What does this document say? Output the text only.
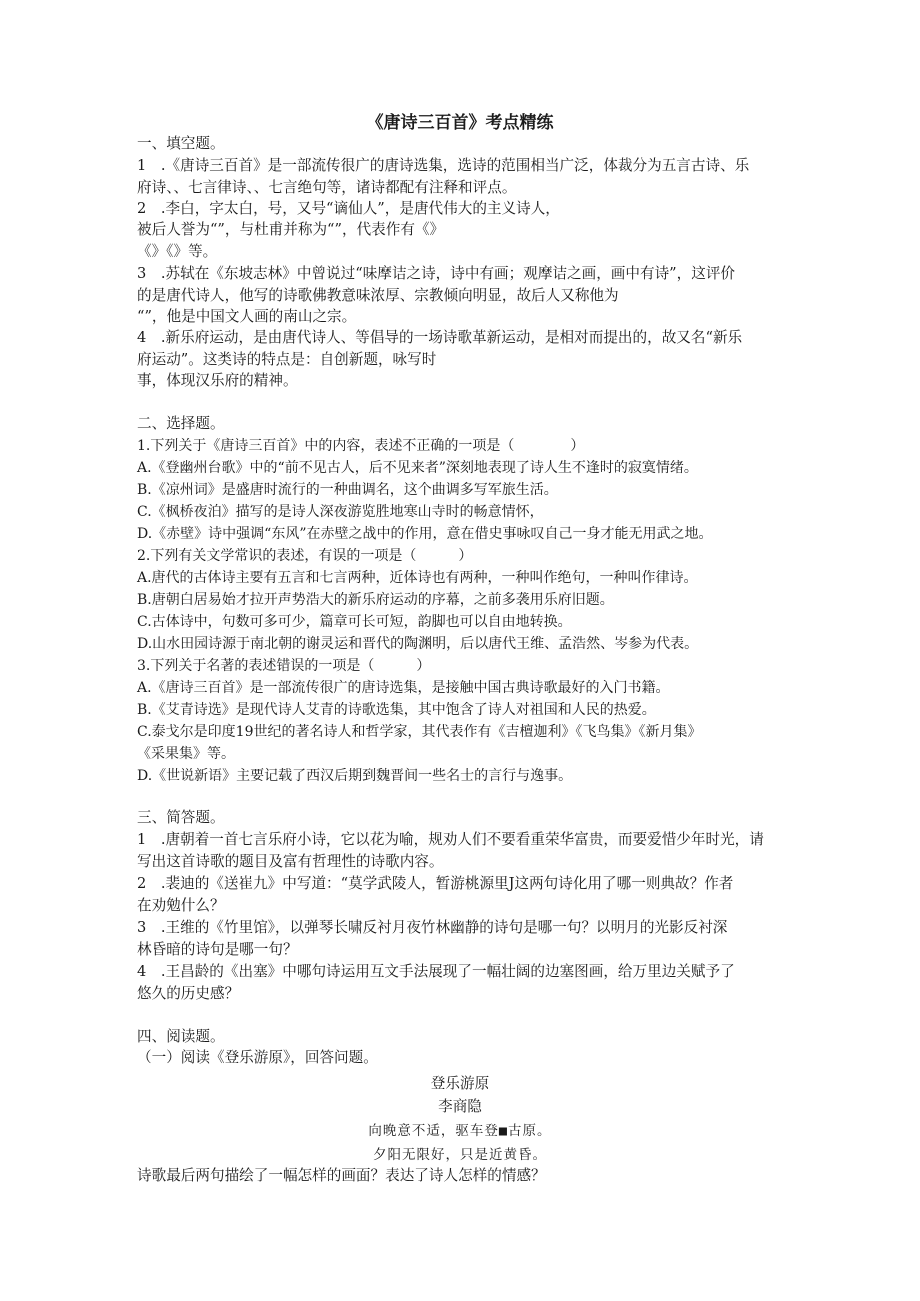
《唐诗三百首》考点精练
一、填空题。
1　.《唐诗三百首》是一部流传很广的唐诗选集，选诗的范围相当广泛，体裁分为五言古诗、乐
府诗、、七言律诗、、七言绝句等，诸诗都配有注释和评点。
2　.李白，字太白，号，又号“谪仙人”，是唐代伟大的主义诗人，
被后人誉为“”，与杜甫并称为“”，代表作有《》
《》《》等。
3　.苏轼在《东坡志林》中曾说过“味摩诘之诗，诗中有画；观摩诘之画，画中有诗”，这评价
的是唐代诗人，他写的诗歌佛教意味浓厚、宗教倾向明显，故后人又称他为
“”，他是中国文人画的南山之宗。
4　.新乐府运动，是由唐代诗人、等倡导的一场诗歌革新运动，是相对而提出的，故又名“新乐
府运动”。这类诗的特点是：自创新题，咏写时
事，体现汉乐府的精神。
二、选择题。
1.下列关于《唐诗三百首》中的内容，表述不正确的一项是（　　　　）
A.《登幽州台歌》中的“前不见古人，后不见来者”深刻地表现了诗人生不逢时的寂寞情绪。
B.《凉州词》是盛唐时流行的一种曲调名，这个曲调多写军旅生活。
C.《枫桥夜泊》描写的是诗人深夜游览胜地寒山寺时的畅意情怀，
D.《赤壁》诗中强调“东风”在赤壁之战中的作用，意在借史事咏叹自己一身才能无用武之地。
2.下列有关文学常识的表述，有误的一项是（　　　）
A.唐代的古体诗主要有五言和七言两种，近体诗也有两种，一种叫作绝句，一种叫作律诗。
B.唐朝白居易始才拉开声势浩大的新乐府运动的序幕，之前多袭用乐府旧题。
C.古体诗中，句数可多可少，篇章可长可短，韵脚也可以自由地转换。
D.山水田园诗源于南北朝的谢灵运和晋代的陶渊明，后以唐代王维、孟浩然、岑参为代表。
3.下列关于名著的表述错误的一项是（　　　）
A.《唐诗三百首》是一部流传很广的唐诗选集，是接触中国古典诗歌最好的入门书籍。
B.《艾青诗选》是现代诗人艾青的诗歌选集，其中饱含了诗人对祖国和人民的热爱。
C.泰戈尔是印度19世纪的著名诗人和哲学家，其代表作有《吉檀迦利》《飞鸟集》《新月集》
《采果集》等。
D.《世说新语》主要记载了西汉后期到魏晋间一些名士的言行与逸事。
三、简答题。
1　.唐朝着一首七言乐府小诗，它以花为喻，规劝人们不要看重荣华富贵，而要爱惜少年时光，请
写出这首诗歌的题目及富有哲理性的诗歌内容。
2　.裴迪的《送崔九》中写道：“莫学武陵人，暂游桃源里J这两句诗化用了哪一则典故？作者
在劝勉什么？
3　.王维的《竹里馆》，以弹琴长啸反衬月夜竹林幽静的诗句是哪一句？以明月的光影反衬深
林昏暗的诗句是哪一句？
4　.王昌龄的《出塞》中哪句诗运用互文手法展现了一幅壮阔的边塞图画，给万里边关赋予了
悠久的历史感？
四、阅读题。
（一）阅读《登乐游原》，回答问题。
登乐游原
李商隐
向晚意不适，驱车登■古原。
夕阳无限好，只是近黄昏。
诗歌最后两句描绘了一幅怎样的画面？表达了诗人怎样的情感？
